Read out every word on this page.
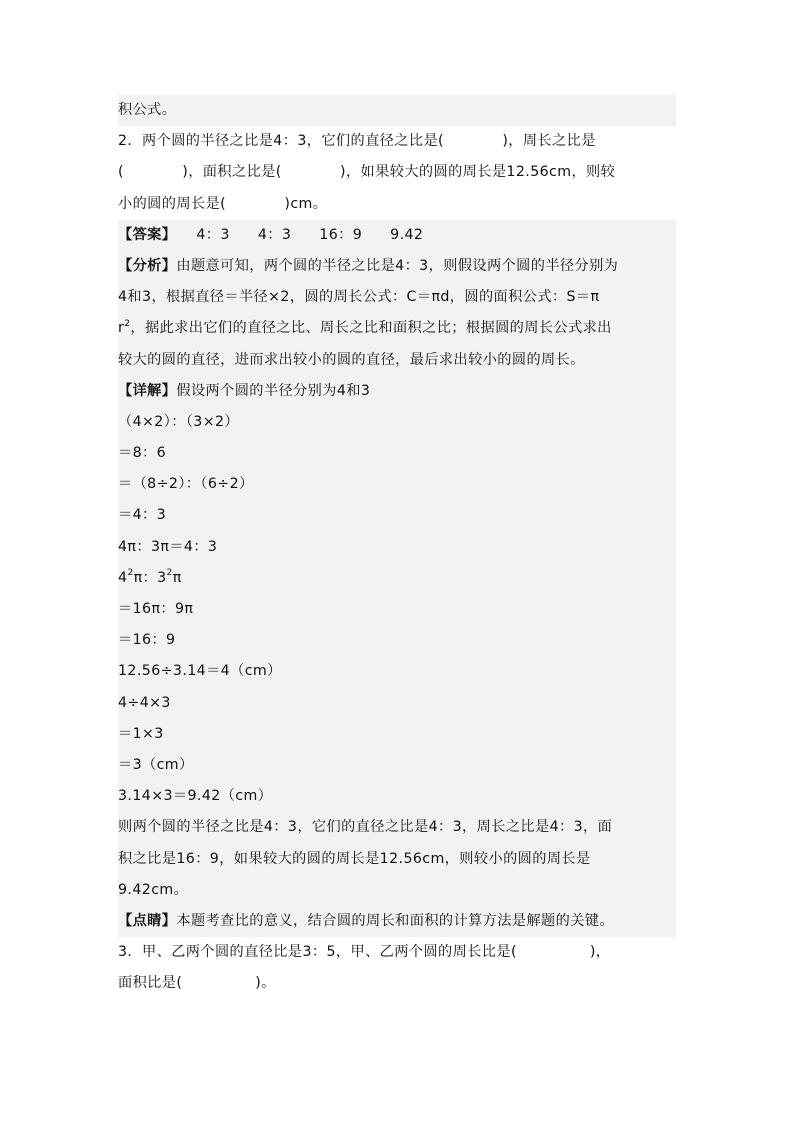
积公式。
2．两个圆的半径之比是4：3，它们的直径之比是(　　　　)，周长之比是
(　　　　)，面积之比是(　　　　)，如果较大的圆的周长是12.56cm，则较
小的圆的周长是(　　　　)cm。
【答案】 4：3 4：3 16：9 9.42
【分析】由题意可知，两个圆的半径之比是4：3，则假设两个圆的半径分别为
4和3，根据直径＝半径×2，圆的周长公式：C＝πd，圆的面积公式：S＝π
$r^2$，据此求出它们的直径之比、周长之比和面积之比；根据圆的周长公式求出
较大的圆的直径，进而求出较小的圆的直径，最后求出较小的圆的周长。
【详解】假设两个圆的半径分别为4和3
（4×2）：（3×2）
＝8：6
＝（8÷2）：（6÷2）
＝4：3
4π：3π＝4：3
$4^2\pi$：$3^2\pi$
＝16π：9π
＝16：9
12.56÷3.14＝4（cm）
4÷4×3
＝1×3
＝3（cm）
3.14×3＝9.42（cm）
则两个圆的半径之比是4：3，它们的直径之比是4：3，周长之比是4：3，面
积之比是16：9，如果较大的圆的周长是12.56cm，则较小的圆的周长是
9.42cm。
【点睛】本题考查比的意义，结合圆的周长和面积的计算方法是解题的关键。
3．甲、乙两个圆的直径比是3：5，甲、乙两个圆的周长比是(　　　　　)，
面积比是(　　　　　)。
